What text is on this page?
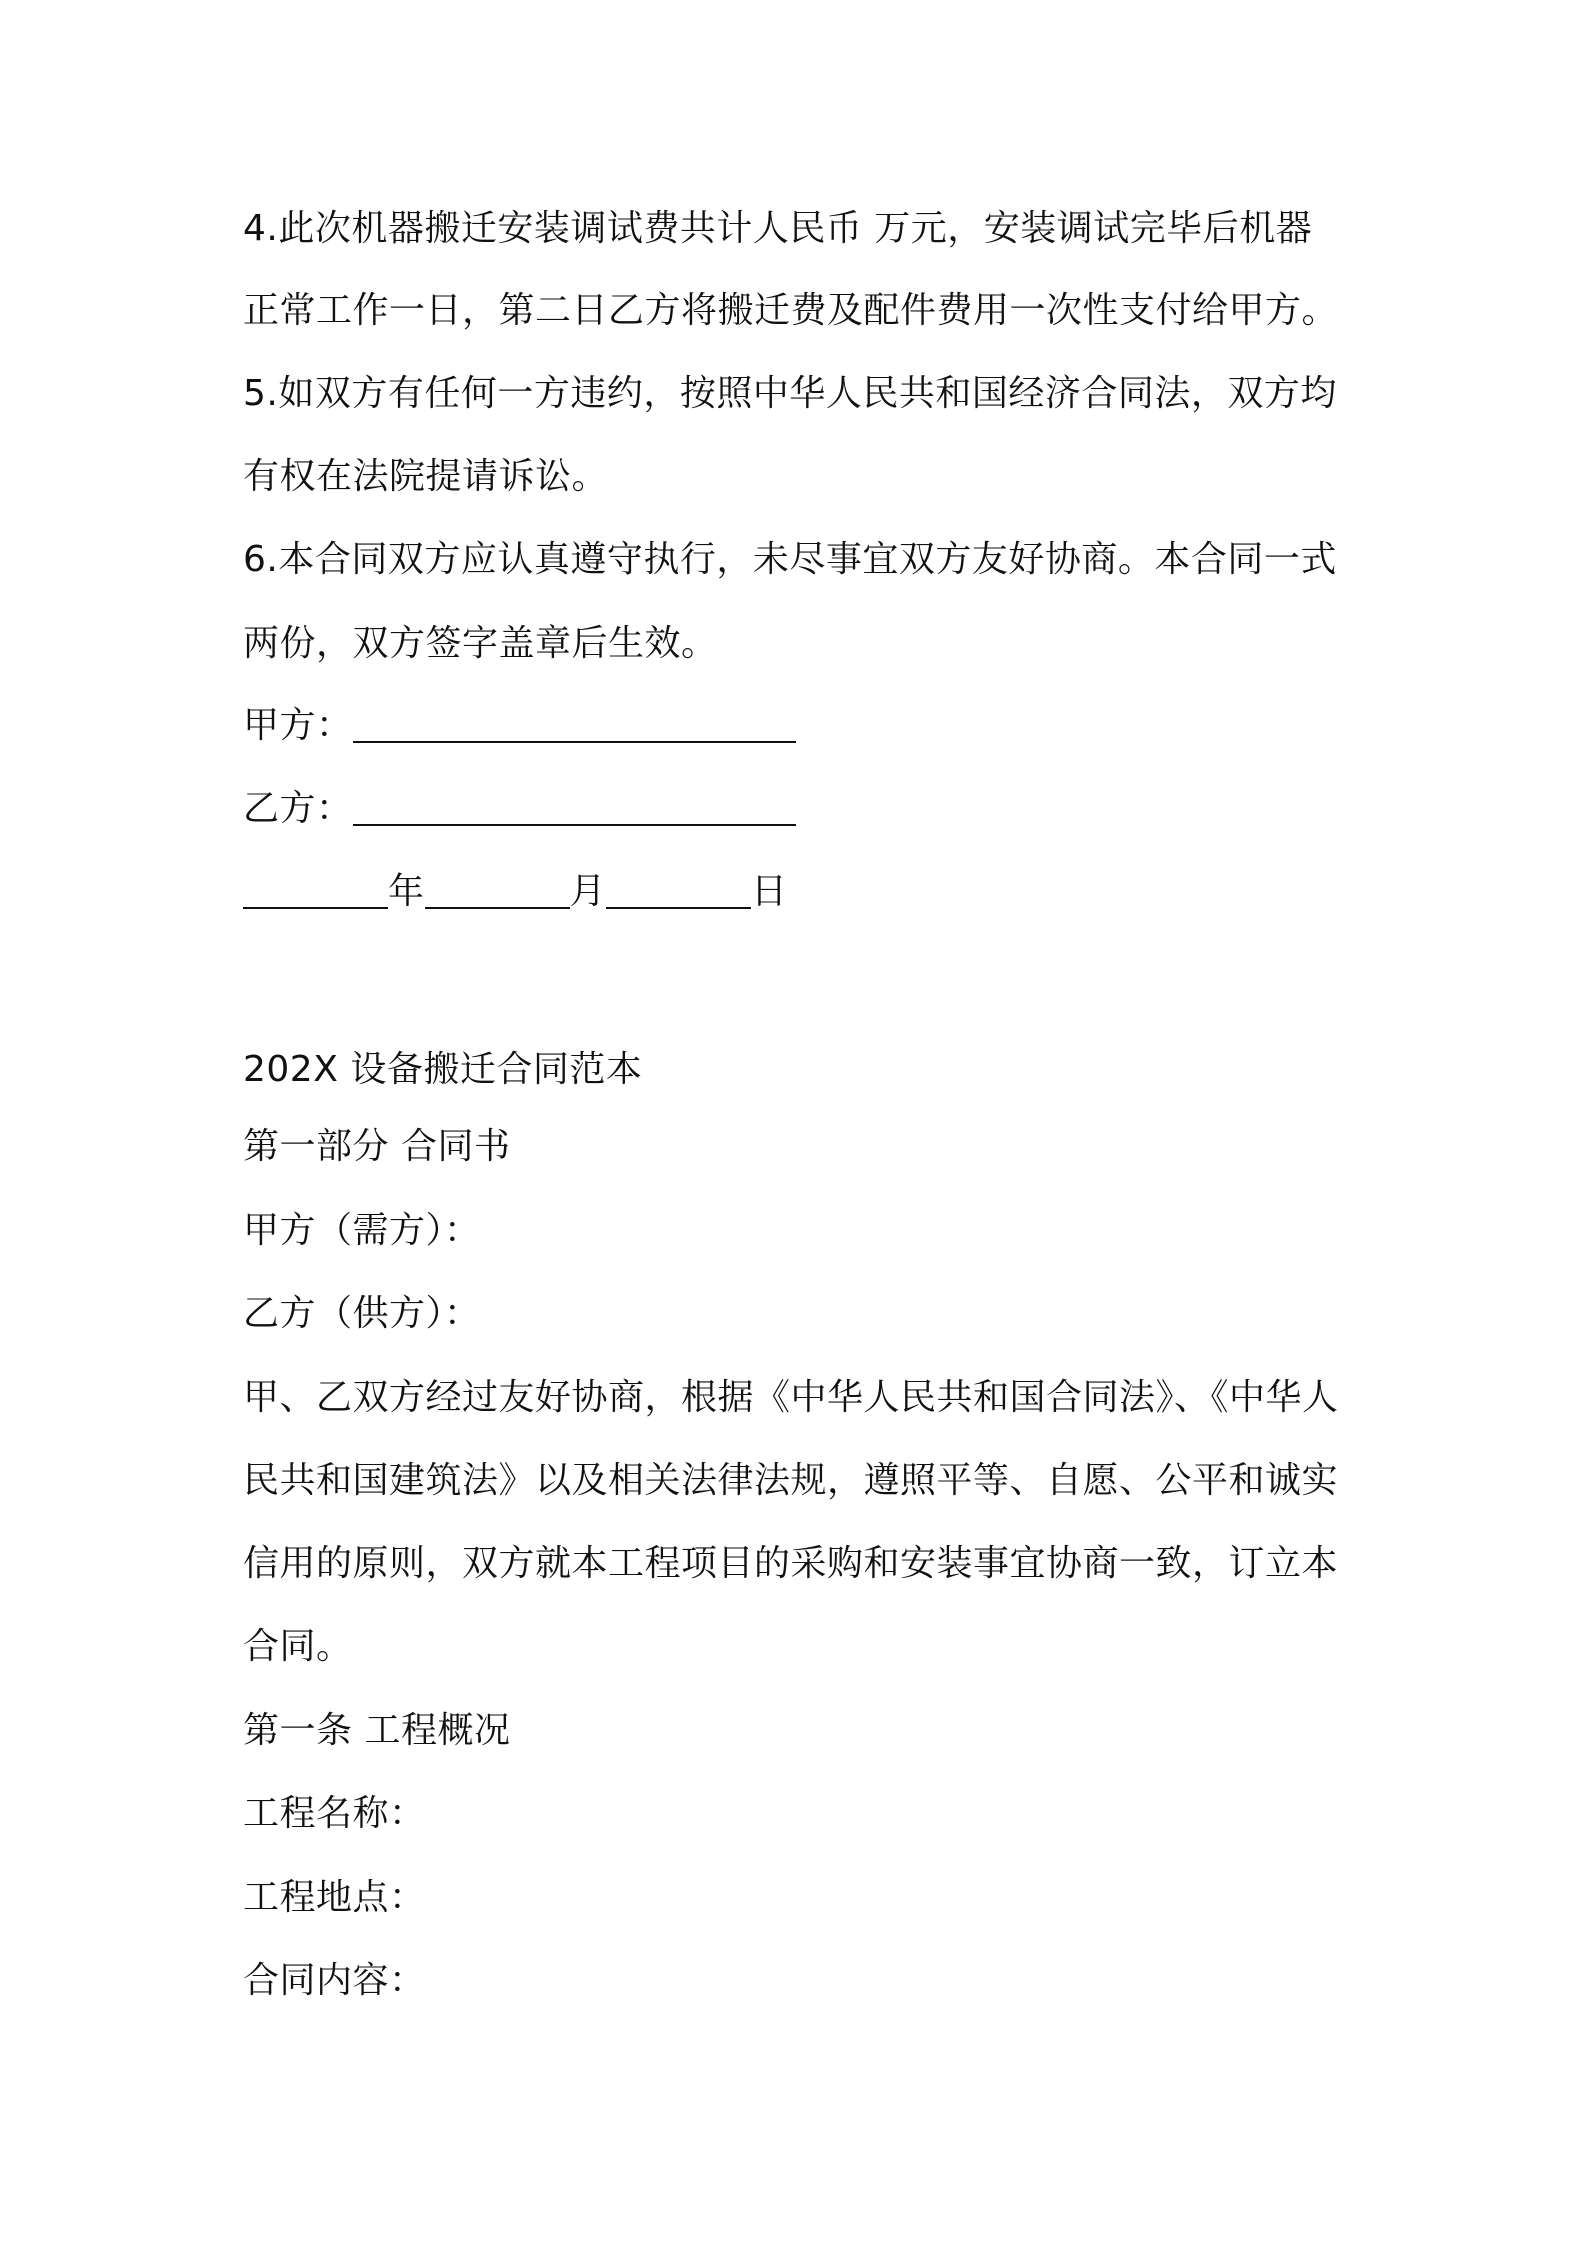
4.此次机器搬迁安装调试费共计人民币 万元，安装调试完毕后机器
正常工作一日，第二日乙方将搬迁费及配件费用一次性支付给甲方。
5.如双方有任何一方违约，按照中华人民共和国经济合同法，双方均
有权在法院提请诉讼。
6.本合同双方应认真遵守执行，未尽事宜双方友好协商。本合同一式
两份，双方签字盖章后生效。
甲方：
乙方：
年	月	日
202X 设备搬迁合同范本
第一部分 合同书
甲方（需方）：
乙方（供方）：
甲、乙双方经过友好协商，根据《中华人民共和国合同法》、《中华人
民共和国建筑法》以及相关法律法规，遵照平等、自愿、公平和诚实
信用的原则，双方就本工程项目的采购和安装事宜协商一致，订立本
合同。
第一条 工程概况
工程名称：
工程地点：
合同内容：
